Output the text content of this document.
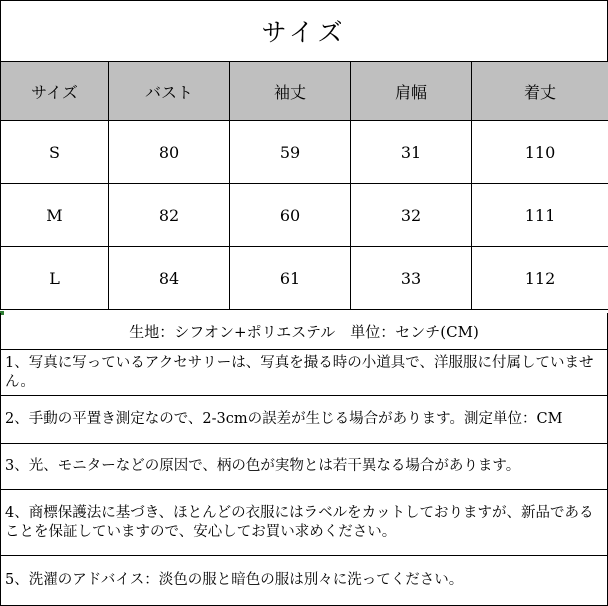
サイズ
サイズ	バスト	袖丈	肩幅	着丈
S	80	59	31	110
M	82	60	32	111
L	84	61	33	112
生地：シフオン+ポリエステル　単位：センチ(CM)
1、写真に写っているアクセサリーは、写真を撮る時の小道具で、洋服服に付属していません。
2、手動の平置き測定なので、2-3cmの誤差が生じる場合があります。測定単位：CM
3、光、モニターなどの原因で、柄の色が実物とは若干異なる場合があります。
4、商標保護法に基づき、ほとんどの衣服にはラベルをカットしておりますが、新品であることを保証していますので、安心してお買い求めください。
5、洗濯のアドバイス：淡色の服と暗色の服は別々に洗ってください。
